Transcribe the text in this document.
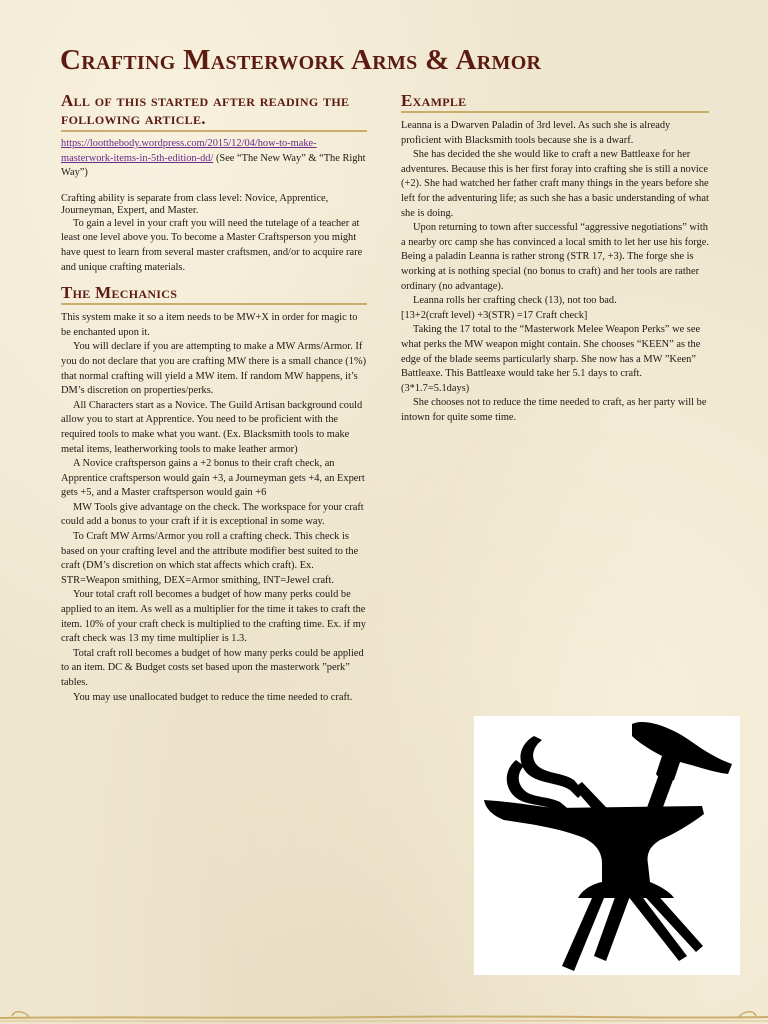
Crafting Masterwork Arms & Armor
All of this started after reading the following article.

https://lootthebody.wordpress.com/2015/12/04/how-to-make-masterwork-items-in-5th-edition-dd/ (See “The New Way” & “The Right Way”)

Crafting ability is separate from class level: Novice, Apprentice, Journeyman, Expert, and Master.

To gain a level in your craft you will need the tutelage of a teacher at least one level above you. To become a Master Craftsperson you might have quest to learn from several master craftsmen, and/or to acquire rare and unique crafting materials.

The Mechanics

This system make it so a item needs to be MW+X in order for magic to be enchanted upon it.

You will declare if you are attempting to make a MW Arms/Armor. If you do not declare that you are crafting MW there is a small chance (1%) that normal crafting will yield a MW item. If random MW happens, it’s DM’s discretion on properties/perks.

All Characters start as a Novice. The Guild Artisan background could allow you to start at Apprentice. You need to be proficient with the required tools to make what you want. (Ex. Blacksmith tools to make metal items, leatherworking tools to make leather armor)

A Novice craftsperson gains a +2 bonus to their craft check, an Apprentice craftsperson would gain +3, a Journeyman gets +4, an Expert gets +5, and a Master craftsperson would gain +6

MW Tools give advantage on the check. The workspace for your craft could add a bonus to your craft if it is exceptional in some way.

To Craft MW Arms/Armor you roll a crafting check. This check is based on your crafting level and the attribute modifier best suited to the craft (DM’s discretion on which stat affects which craft). Ex. STR=Weapon smithing, DEX=Armor smithing, INT=Jewel craft.

Your total craft roll becomes a budget of how many perks could be applied to an item. As well as a multiplier for the time it takes to craft the item. 10% of your craft check is multiplied to the crafting time. Ex. if my craft check was 13 my time multiplier is 1.3.

Total craft roll becomes a budget of how many perks could be applied to an item. DC & Budget costs set based upon the masterwork ”perk” tables.

You may use unallocated budget to reduce the time needed to craft.

Example

Leanna is a Dwarven Paladin of 3rd level. As such she is already proficient with Blacksmith tools because she is a dwarf.

She has decided the she would like to craft a new Battleaxe for her adventures. Because this is her first foray into crafting she is still a novice (+2). She had watched her father craft many things in the years before she left for the adventuring life; as such she has a basic understanding of what she is doing.

Upon returning to town after successful “aggressive negotiations” with a nearby orc camp she has convinced a local smith to let her use his forge. Being a paladin Leanna is rather strong (STR 17, +3). The forge she is working at is nothing special (no bonus to craft) and her tools are rather ordinary (no advantage).

Leanna rolls her crafting check (13), not too bad.

[13+2(craft level) +3(STR) =17 Craft check]

Taking the 17 total to the “Masterwork Melee Weapon Perks” we see what perks the MW weapon might contain. She chooses “KEEN” as the edge of the blade seems particularly sharp. She now has a MW ”Keen” Battleaxe. This Battleaxe would take her 5.1 days to craft.(3*1.7=5.1days)

She chooses not to reduce the time needed to craft, as her party will be intown for quite some time.
